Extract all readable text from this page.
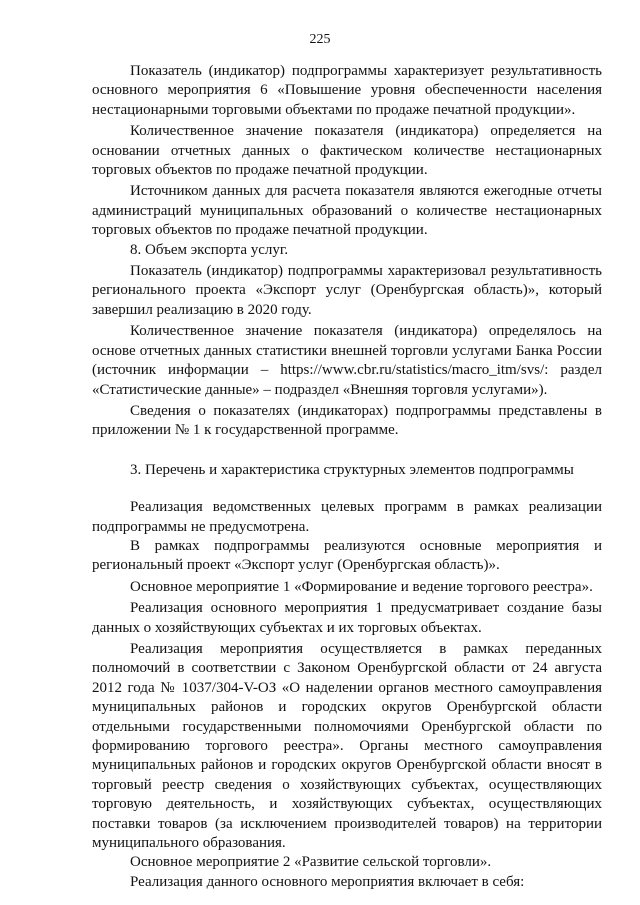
225

Показатель (индикатор) подпрограммы характеризует результативность основного мероприятия 6 «Повышение уровня обеспеченности населения нестационарными торговыми объектами по продаже печатной продукции».

Количественное значение показателя (индикатора) определяется на основании отчетных данных о фактическом количестве нестационарных торговых объектов по продаже печатной продукции.

Источником данных для расчета показателя являются ежегодные отчеты администраций муниципальных образований о количестве нестационарных торговых объектов по продаже печатной продукции.

8. Объем экспорта услуг.

Показатель (индикатор) подпрограммы характеризовал результативность регионального проекта «Экспорт услуг (Оренбургская область)», который завершил реализацию в 2020 году.

Количественное значение показателя (индикатора) определялось на основе отчетных данных статистики внешней торговли услугами Банка России (источник информации – https://www.cbr.ru/statistics/macro_itm/svs/: раздел «Статистические данные» – подраздел «Внешняя торговля услугами»).

Сведения о показателях (индикаторах) подпрограммы представлены в приложении № 1 к государственной программе.

3. Перечень и характеристика структурных элементов подпрограммы

Реализация ведомственных целевых программ в рамках реализации подпрограммы не предусмотрена.

В рамках подпрограммы реализуются основные мероприятия и региональный проект «Экспорт услуг (Оренбургская область)».

Основное мероприятие 1 «Формирование и ведение торгового реестра».

Реализация основного мероприятия 1 предусматривает создание базы данных о хозяйствующих субъектах и их торговых объектах.

Реализация мероприятия осуществляется в рамках переданных полномочий в соответствии с Законом Оренбургской области от 24 августа 2012 года № 1037/304-V-ОЗ «О наделении органов местного самоуправления муниципальных районов и городских округов Оренбургской области отдельными государственными полномочиями Оренбургской области по формированию торгового реестра». Органы местного самоуправления муниципальных районов и городских округов Оренбургской области вносят в торговый реестр сведения о хозяйствующих субъектах, осуществляющих торговую деятельность, и хозяйствующих субъектах, осуществляющих поставки товаров (за исключением производителей товаров) на территории муниципального образования.

Основное мероприятие 2 «Развитие сельской торговли».

Реализация данного основного мероприятия включает в себя:
